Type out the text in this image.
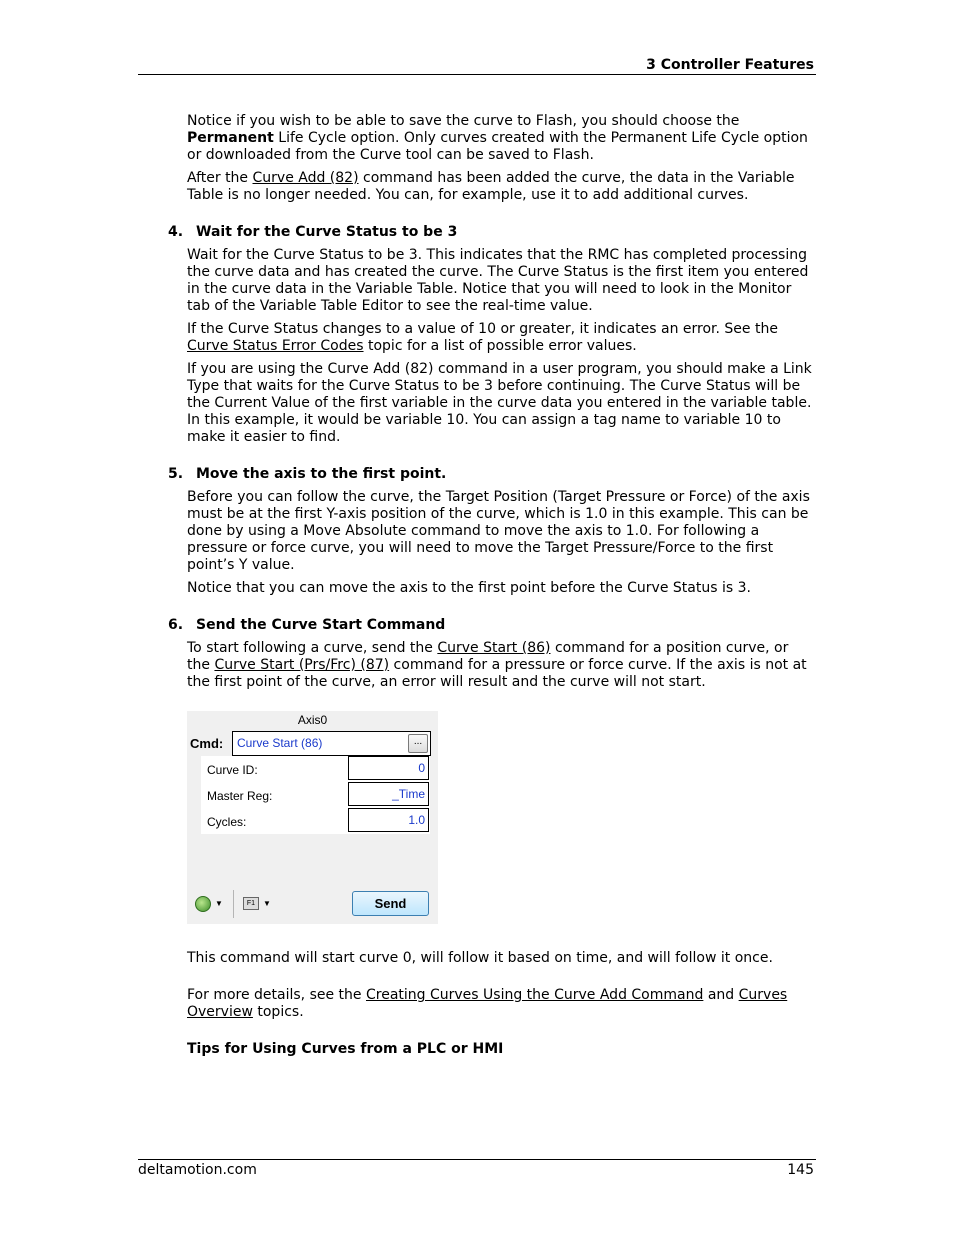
3 Controller Features

Notice if you wish to be able to save the curve to Flash, you should choose the Permanent Life Cycle option. Only curves created with the Permanent Life Cycle option or downloaded from the Curve tool can be saved to Flash.

After the Curve Add (82) command has been added the curve, the data in the Variable Table is no longer needed. You can, for example, use it to add additional curves.

4. Wait for the Curve Status to be 3

Wait for the Curve Status to be 3. This indicates that the RMC has completed processing the curve data and has created the curve. The Curve Status is the first item you entered in the curve data in the Variable Table. Notice that you will need to look in the Monitor tab of the Variable Table Editor to see the real-time value.

If the Curve Status changes to a value of 10 or greater, it indicates an error. See the Curve Status Error Codes topic for a list of possible error values.

If you are using the Curve Add (82) command in a user program, you should make a Link Type that waits for the Curve Status to be 3 before continuing. The Curve Status will be the Current Value of the first variable in the curve data you entered in the variable table. In this example, it would be variable 10. You can assign a tag name to variable 10 to make it easier to find.

5. Move the axis to the first point.

Before you can follow the curve, the Target Position (Target Pressure or Force) of the axis must be at the first Y-axis position of the curve, which is 1.0 in this example. This can be done by using a Move Absolute command to move the axis to 1.0. For following a pressure or force curve, you will need to move the Target Pressure/Force to the first point’s Y value.

Notice that you can move the axis to the first point before the Curve Status is 3.

6. Send the Curve Start Command

To start following a curve, send the Curve Start (86) command for a position curve, or the Curve Start (Prs/Frc) (87) command for a pressure or force curve. If the axis is not at the first point of the curve, an error will result and the curve will not start.

Axis0
Cmd: Curve Start (86)	...
Curve ID:	0
Master Reg:	_Time
Cycles:	1.0
▼	F1 ▼	Send

This command will start curve 0, will follow it based on time, and will follow it once.

For more details, see the Creating Curves Using the Curve Add Command and Curves Overview topics.

Tips for Using Curves from a PLC or HMI

deltamotion.com	145
